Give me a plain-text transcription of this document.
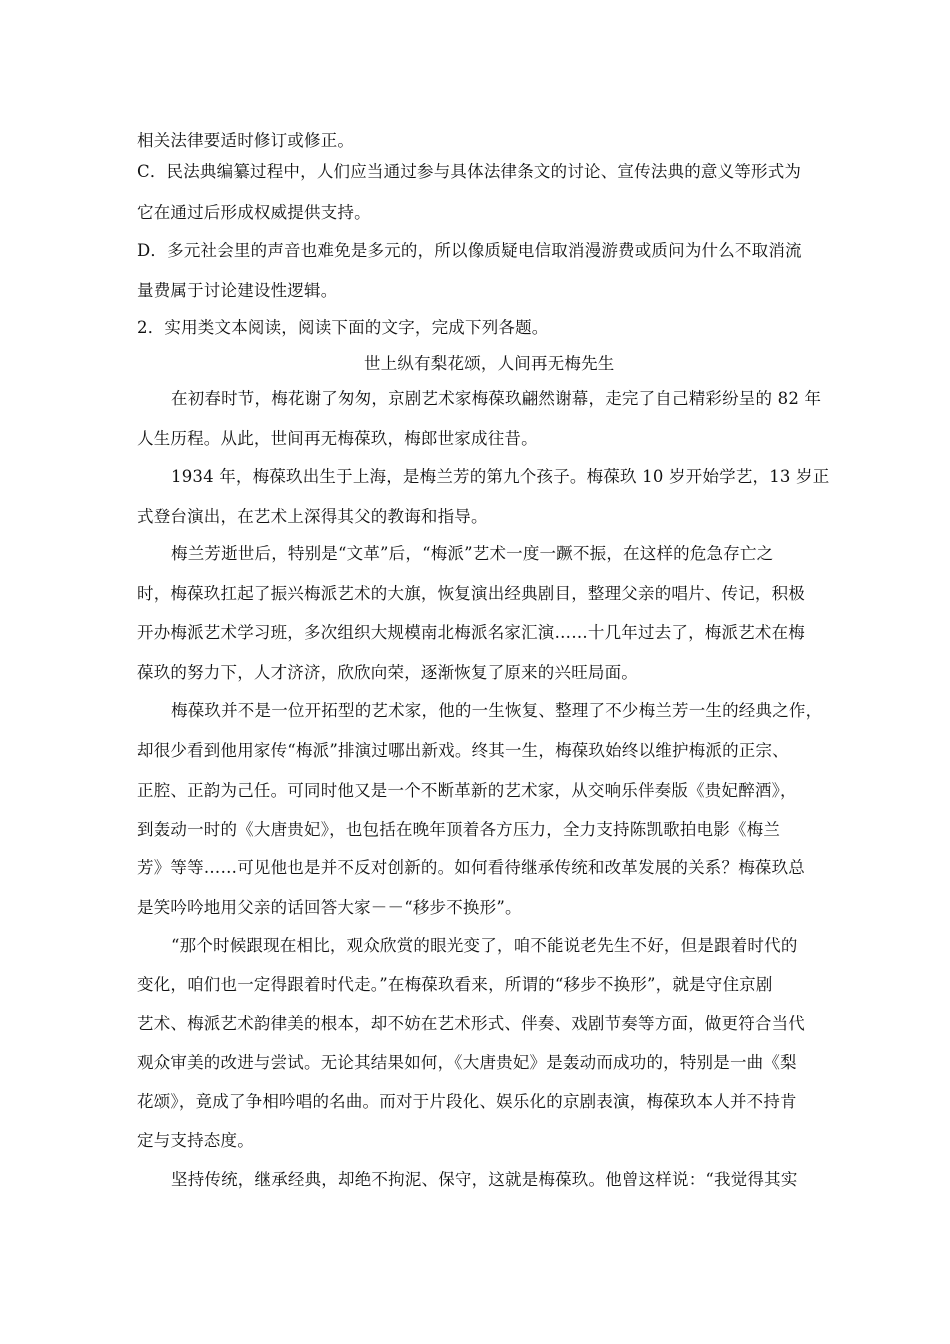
相关法律要适时修订或修正。
C．民法典编纂过程中，人们应当通过参与具体法律条文的讨论、宣传法典的意义等形式为
它在通过后形成权威提供支持。
D．多元社会里的声音也难免是多元的，所以像质疑电信取消漫游费或质问为什么不取消流
量费属于讨论建设性逻辑。
2．实用类文本阅读，阅读下面的文字，完成下列各题。
世上纵有梨花颂，人间再无梅先生
在初春时节，梅花谢了匆匆，京剧艺术家梅葆玖翩然谢幕，走完了自己精彩纷呈的 82 年
人生历程。从此，世间再无梅葆玖，梅郎世家成往昔。
1934 年，梅葆玖出生于上海，是梅兰芳的第九个孩子。梅葆玖 10 岁开始学艺，13 岁正
式登台演出，在艺术上深得其父的教诲和指导。
梅兰芳逝世后，特别是“文革”后，“梅派”艺术一度一蹶不振，在这样的危急存亡之
时，梅葆玖扛起了振兴梅派艺术的大旗，恢复演出经典剧目，整理父亲的唱片、传记，积极
开办梅派艺术学习班，多次组织大规模南北梅派名家汇演……十几年过去了，梅派艺术在梅
葆玖的努力下，人才济济，欣欣向荣，逐渐恢复了原来的兴旺局面。
梅葆玖并不是一位开拓型的艺术家，他的一生恢复、整理了不少梅兰芳一生的经典之作，
却很少看到他用家传“梅派”排演过哪出新戏。终其一生，梅葆玖始终以维护梅派的正宗、
正腔、正韵为己任。可同时他又是一个不断革新的艺术家，从交响乐伴奏版《贵妃醉酒》，
到轰动一时的《大唐贵妃》，也包括在晚年顶着各方压力，全力支持陈凯歌拍电影《梅兰
芳》等等……可见他也是并不反对创新的。如何看待继承传统和改革发展的关系？梅葆玖总
是笑吟吟地用父亲的话回答大家－－“移步不换形”。
“那个时候跟现在相比，观众欣赏的眼光变了，咱不能说老先生不好，但是跟着时代的
变化，咱们也一定得跟着时代走。”在梅葆玖看来，所谓的“移步不换形”，就是守住京剧
艺术、梅派艺术韵律美的根本，却不妨在艺术形式、伴奏、戏剧节奏等方面，做更符合当代
观众审美的改进与尝试。无论其结果如何，《大唐贵妃》是轰动而成功的，特别是一曲《梨
花颂》，竟成了争相吟唱的名曲。而对于片段化、娱乐化的京剧表演，梅葆玖本人并不持肯
定与支持态度。
坚持传统，继承经典，却绝不拘泥、保守，这就是梅葆玖。他曾这样说：“我觉得其实
